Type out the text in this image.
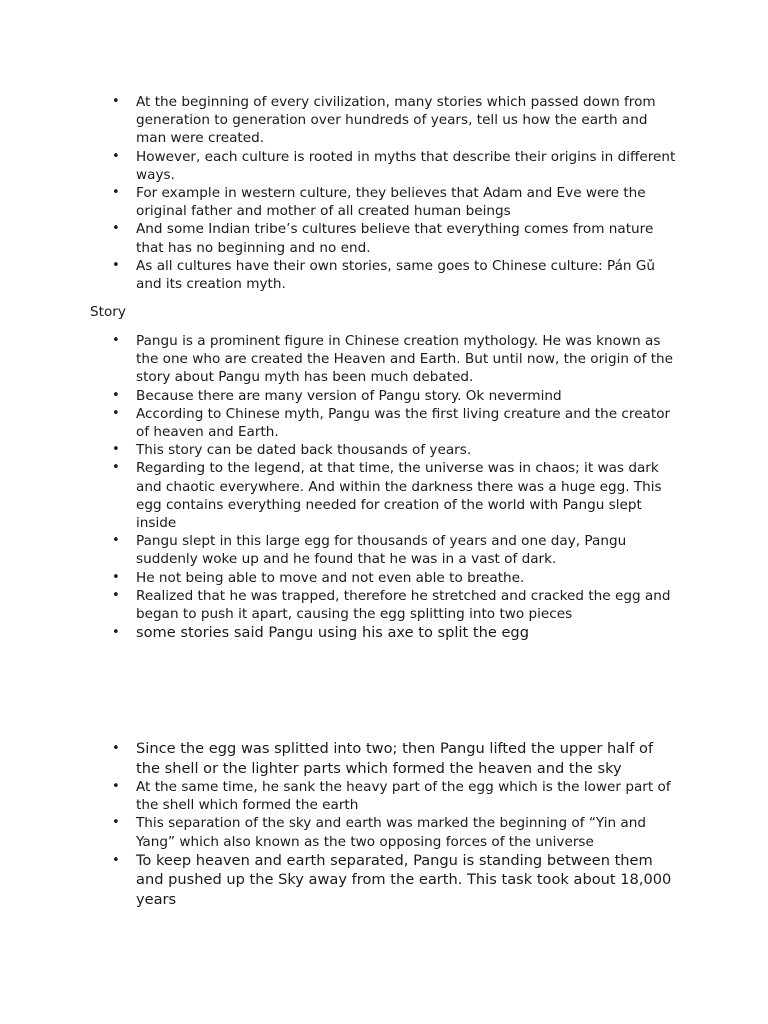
• At the beginning of every civilization, many stories which passed down from generation to generation over hundreds of years, tell us how the earth and man were created.
• However, each culture is rooted in myths that describe their origins in different ways.
• For example in western culture, they believes that Adam and Eve were the original father and mother of all created human beings
• And some Indian tribe’s cultures believe that everything comes from nature that has no beginning and no end.
• As all cultures have their own stories, same goes to Chinese culture: Pán Gǔ and its creation myth.
Story
• Pangu is a prominent figure in Chinese creation mythology. He was known as the one who are created the Heaven and Earth. But until now, the origin of the story about Pangu myth has been much debated.
• Because there are many version of Pangu story. Ok nevermind
• According to Chinese myth, Pangu was the first living creature and the creator of heaven and Earth.
• This story can be dated back thousands of years.
• Regarding to the legend, at that time, the universe was in chaos; it was dark and chaotic everywhere. And within the darkness there was a huge egg. This egg contains everything needed for creation of the world with Pangu slept inside
• Pangu slept in this large egg for thousands of years and one day, Pangu suddenly woke up and he found that he was in a vast of dark.
• He not being able to move and not even able to breathe.
• Realized that he was trapped, therefore he stretched and cracked the egg and began to push it apart, causing the egg splitting into two pieces
• some stories said Pangu using his axe to split the egg
• Since the egg was splitted into two; then Pangu lifted the upper half of the shell or the lighter parts which formed the heaven and the sky
• At the same time, he sank the heavy part of the egg which is the lower part of the shell which formed the earth
• This separation of the sky and earth was marked the beginning of “Yin and Yang” which also known as the two opposing forces of the universe
• To keep heaven and earth separated, Pangu is standing between them and pushed up the Sky away from the earth. This task took about 18,000 years
